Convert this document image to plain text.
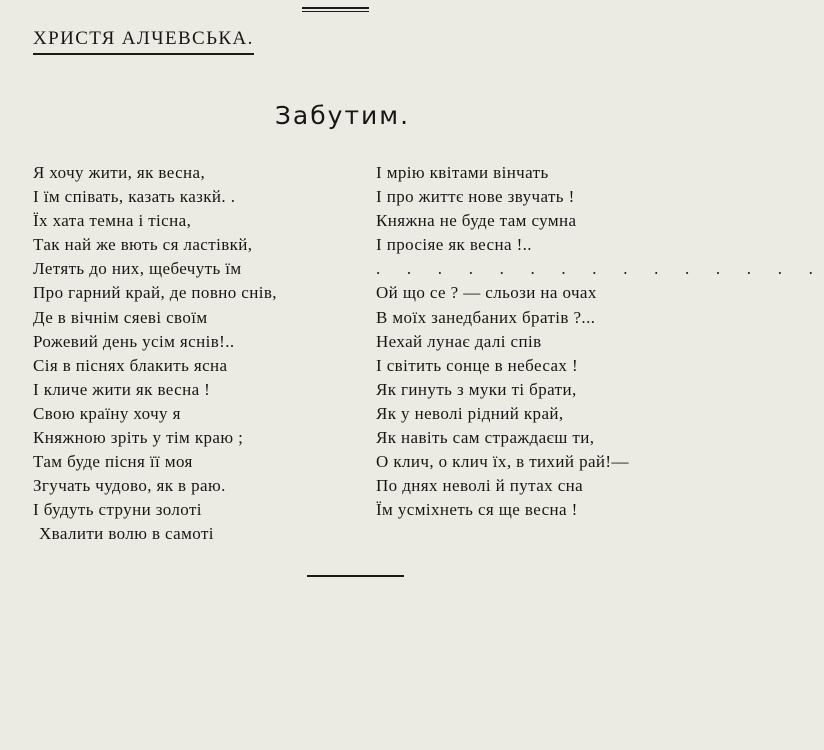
ХРИСТЯ АЛЧЕВСЬКА.
Забутим.
Я хочу жити, як весна,
І їм співать, казать казкй. .
Їх хата темна і тісна,
Так най же вють ся ластівкй,
Летять до них, щебечуть їм
Про гарний край, де повно снів,
Де в вічнім сяеві своїм
Рожевий день усім яснів!..
Сія в піснях блакить ясна
І кличе жити як весна !
Свою країну хочу я
Княжною зріть у тім краю ;
Там буде пісня її моя
Згучать чудово, як в раю.
І будуть струни золоті
Хвалити волю в самоті
І мрію квітами вінчать
І про життє нове звучать !
Княжна не буде там сумна
І просіяе як весна !..
. . . . . . . . . . . . . . .
Ой що се ? — сльози на очах
В моїх занедбаних братів ?...
Нехай лунає далі спів
І світить сонце в небесах !
Як гинуть з муки ті брати,
Як у неволі рідний край,
Як навіть сам страждаєш ти,
О клич, о клич їх, в тихий рай!—
По днях неволі й путах сна
Їм усміхнеть ся ще весна !
